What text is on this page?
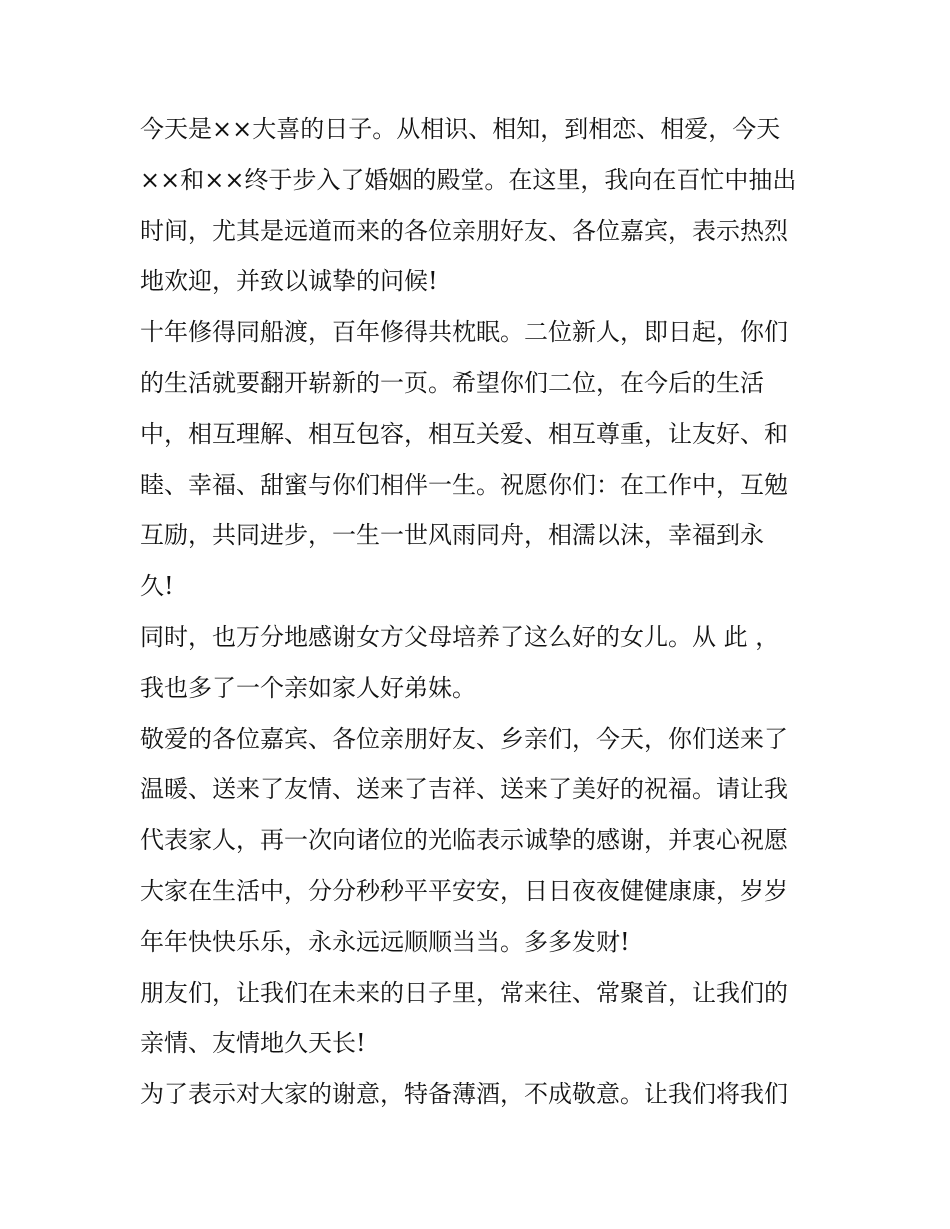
今天是××大喜的日子。从相识、相知，到相恋、相爱，今天
××和××终于步入了婚姻的殿堂。在这里，我向在百忙中抽出
时间，尤其是远道而来的各位亲朋好友、各位嘉宾，表示热烈
地欢迎，并致以诚挚的问候!
十年修得同船渡，百年修得共枕眠。二位新人，即日起，你们
的生活就要翻开崭新的一页。希望你们二位，在今后的生活
中，相互理解、相互包容，相互关爱、相互尊重，让友好、和
睦、幸福、甜蜜与你们相伴一生。祝愿你们：在工作中，互勉
互励，共同进步，一生一世风雨同舟，相濡以沫，幸福到永
久!
同时，也万分地感谢女方父母培养了这么好的女儿。从 此 ，
我也多了一个亲如家人好弟妹。
敬爱的各位嘉宾、各位亲朋好友、乡亲们，今天，你们送来了
温暖、送来了友情、送来了吉祥、送来了美好的祝福。请让我
代表家人，再一次向诸位的光临表示诚挚的感谢，并衷心祝愿
大家在生活中，分分秒秒平平安安，日日夜夜健健康康，岁岁
年年快快乐乐，永永远远顺顺当当。多多发财!
朋友们，让我们在未来的日子里，常来往、常聚首，让我们的
亲情、友情地久天长!
为了表示对大家的谢意，特备薄酒，不成敬意。让我们将我们
